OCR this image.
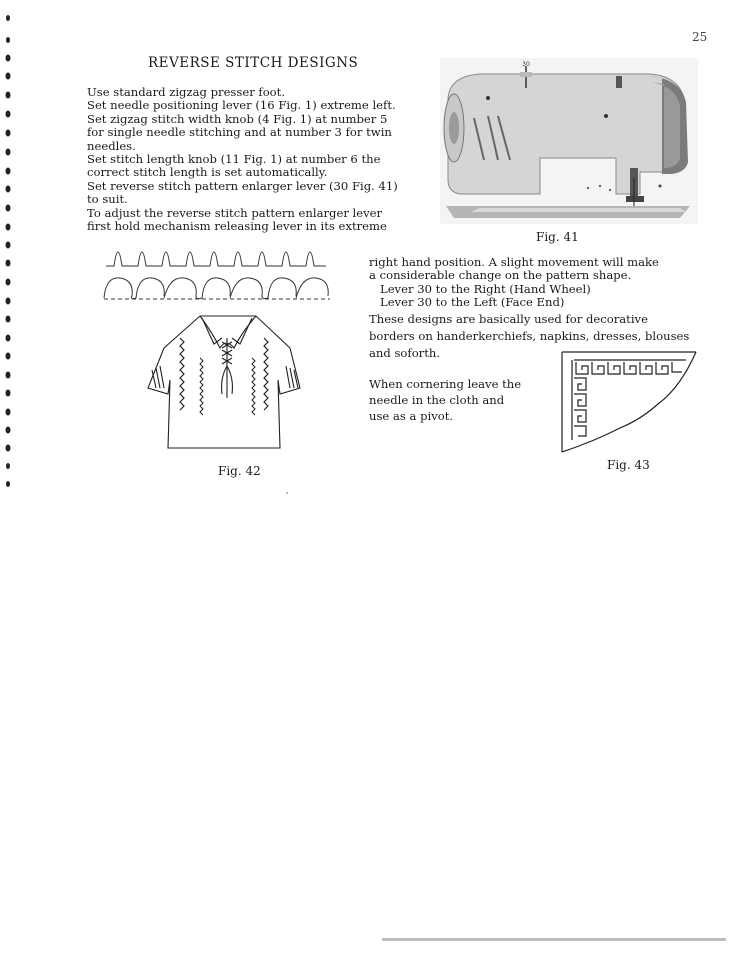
25
REVERSE STITCH DESIGNS
Use standard zigzag presser foot.
Set needle positioning lever (16 Fig. 1) extreme left.
Set zigzag stitch width knob (4 Fig. 1) at number 5
for single needle stitching and at number 3 for twin
needles.
Set stitch length knob (11 Fig. 1) at number 6 the
correct stitch length is set automatically.
Set reverse stitch pattern enlarger lever (30 Fig. 41)
to suit.
To adjust the reverse stitch pattern enlarger lever
first hold mechanism releasing lever in its extreme
30
Fig. 41
Fig. 42
right hand position. A slight movement will make
a considerable change on the pattern shape.
Lever 30 to the Right (Hand Wheel)
Lever 30 to the Left (Face End)
These designs are basically used for decorative
borders on handerkerchiefs, napkins, dresses, blouses
and soforth.
When cornering leave the
needle in the cloth and
use as a pivot.
Fig. 43
